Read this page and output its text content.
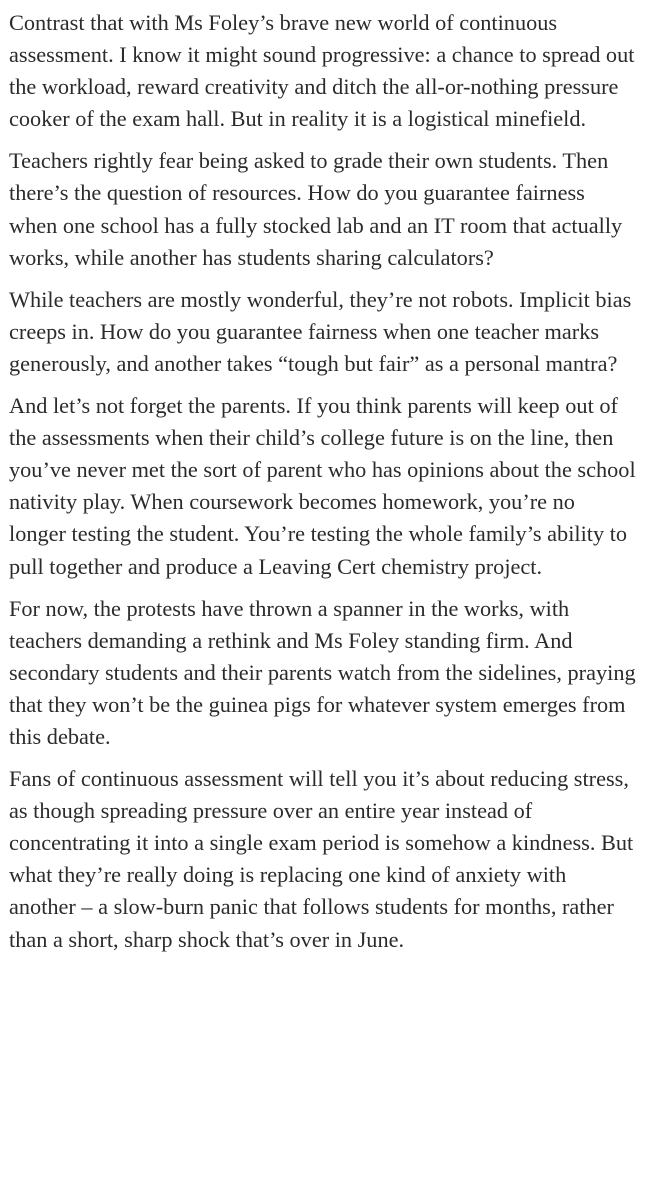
Contrast that with Ms Foley’s brave new world of continuous assessment. I know it might sound progressive: a chance to spread out the workload, reward creativity and ditch the all-or-nothing pressure cooker of the exam hall. But in reality it is a logistical minefield.

Teachers rightly fear being asked to grade their own students. Then there’s the question of resources. How do you guarantee fairness when one school has a fully stocked lab and an IT room that actually works, while another has students sharing calculators?

While teachers are mostly wonderful, they’re not robots. Implicit bias creeps in. How do you guarantee fairness when one teacher marks generously, and another takes “tough but fair” as a personal mantra?

And let’s not forget the parents. If you think parents will keep out of the assessments when their child’s college future is on the line, then you’ve never met the sort of parent who has opinions about the school nativity play. When coursework becomes homework, you’re no longer testing the student. You’re testing the whole family’s ability to pull together and produce a Leaving Cert chemistry project.

For now, the protests have thrown a spanner in the works, with teachers demanding a rethink and Ms Foley standing firm. And secondary students and their parents watch from the sidelines, praying that they won’t be the guinea pigs for whatever system emerges from this debate.

Fans of continuous assessment will tell you it’s about reducing stress, as though spreading pressure over an entire year instead of concentrating it into a single exam period is somehow a kindness. But what they’re really doing is replacing one kind of anxiety with another – a slow-burn panic that follows students for months, rather than a short, sharp shock that’s over in June.
